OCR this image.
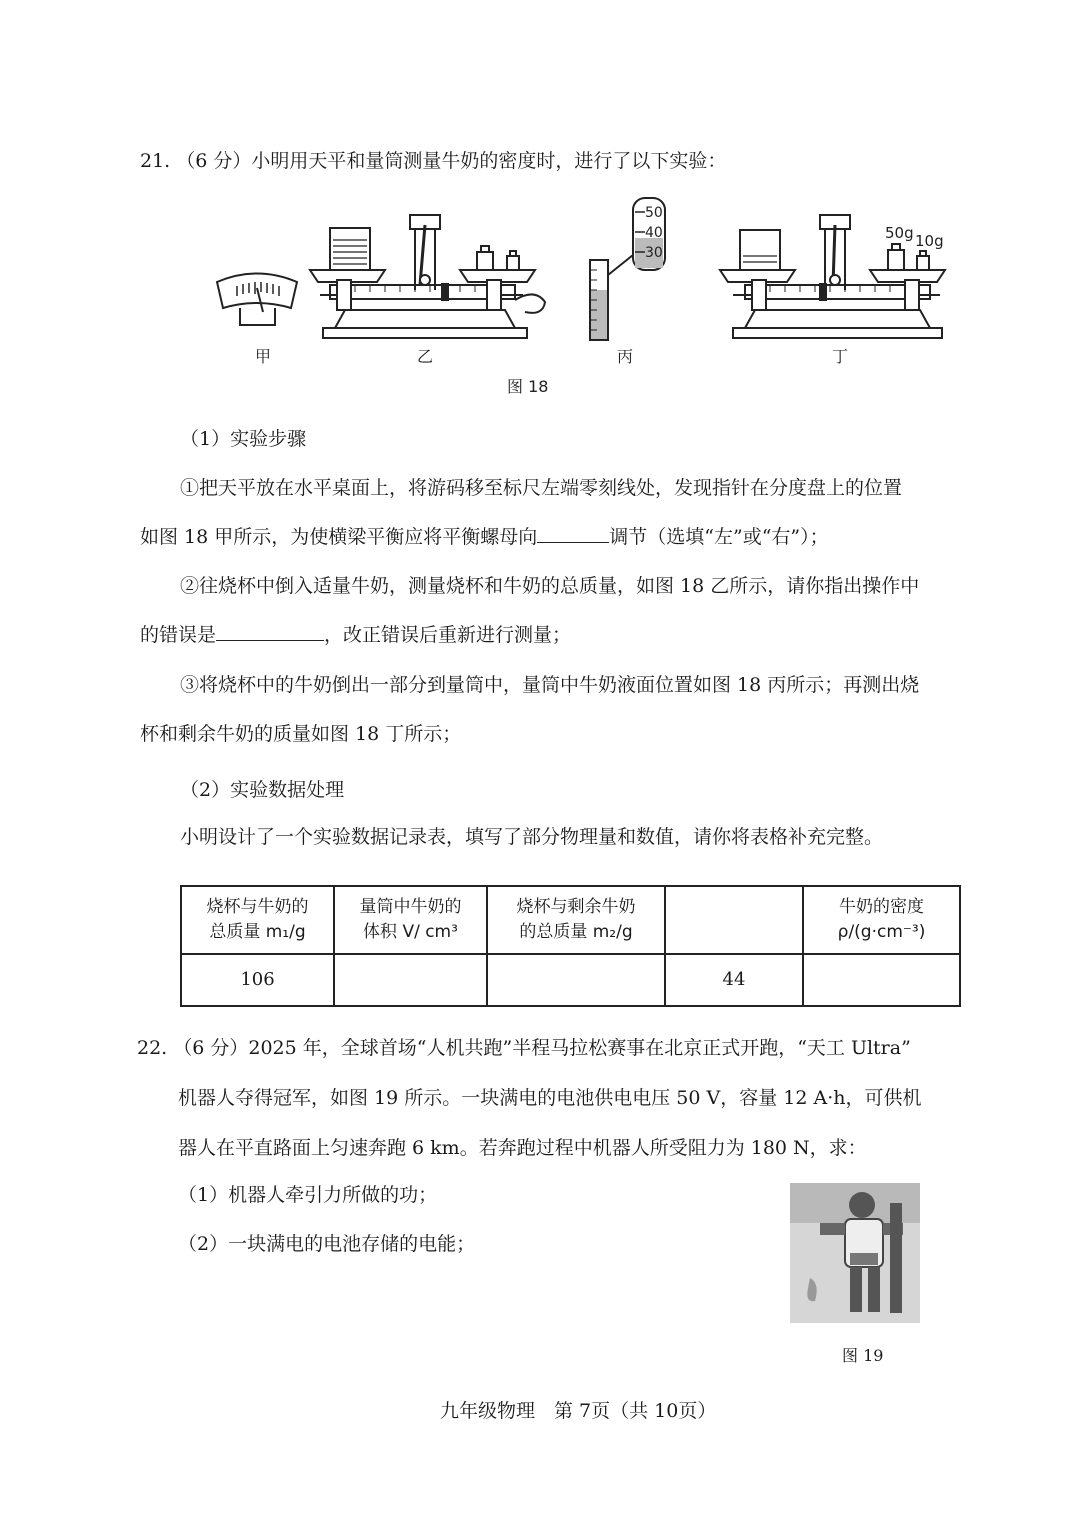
21. （6 分）小明用天平和量筒测量牛奶的密度时，进行了以下实验：
50
40
30
50g 10g
甲	乙	丙	丁
图 18
（1）实验步骤
①把天平放在水平桌面上，将游码移至标尺左端零刻线处，发现指针在分度盘上的位置
如图 18 甲所示，为使横梁平衡应将平衡螺母向	调节（选填“左”或“右”）；
②往烧杯中倒入适量牛奶，测量烧杯和牛奶的总质量，如图 18 乙所示，请你指出操作中
的错误是	，改正错误后重新进行测量；
③将烧杯中的牛奶倒出一部分到量筒中，量筒中牛奶液面位置如图 18 丙所示；再测出烧
杯和剩余牛奶的质量如图 18 丁所示；
（2）实验数据处理
小明设计了一个实验数据记录表，填写了部分物理量和数值，请你将表格补充完整。
烧杯与牛奶的
总质量 m₁/g	量筒中牛奶的
体积 V/ cm³	烧杯与剩余牛奶
的总质量 m₂/g		牛奶的密度
ρ/(g·cm⁻³)
106			44	
22. （6 分）2025 年，全球首场“人机共跑”半程马拉松赛事在北京正式开跑，“天工 Ultra”
机器人夺得冠军，如图 19 所示。一块满电的电池供电电压 50 V，容量 12 A·h，可供机
器人在平直路面上匀速奔跑 6 km。若奔跑过程中机器人所受阻力为 180 N，求：
（1）机器人牵引力所做的功；
（2）一块满电的电池存储的电能；
图 19
九年级物理　第 7页（共 10页）
